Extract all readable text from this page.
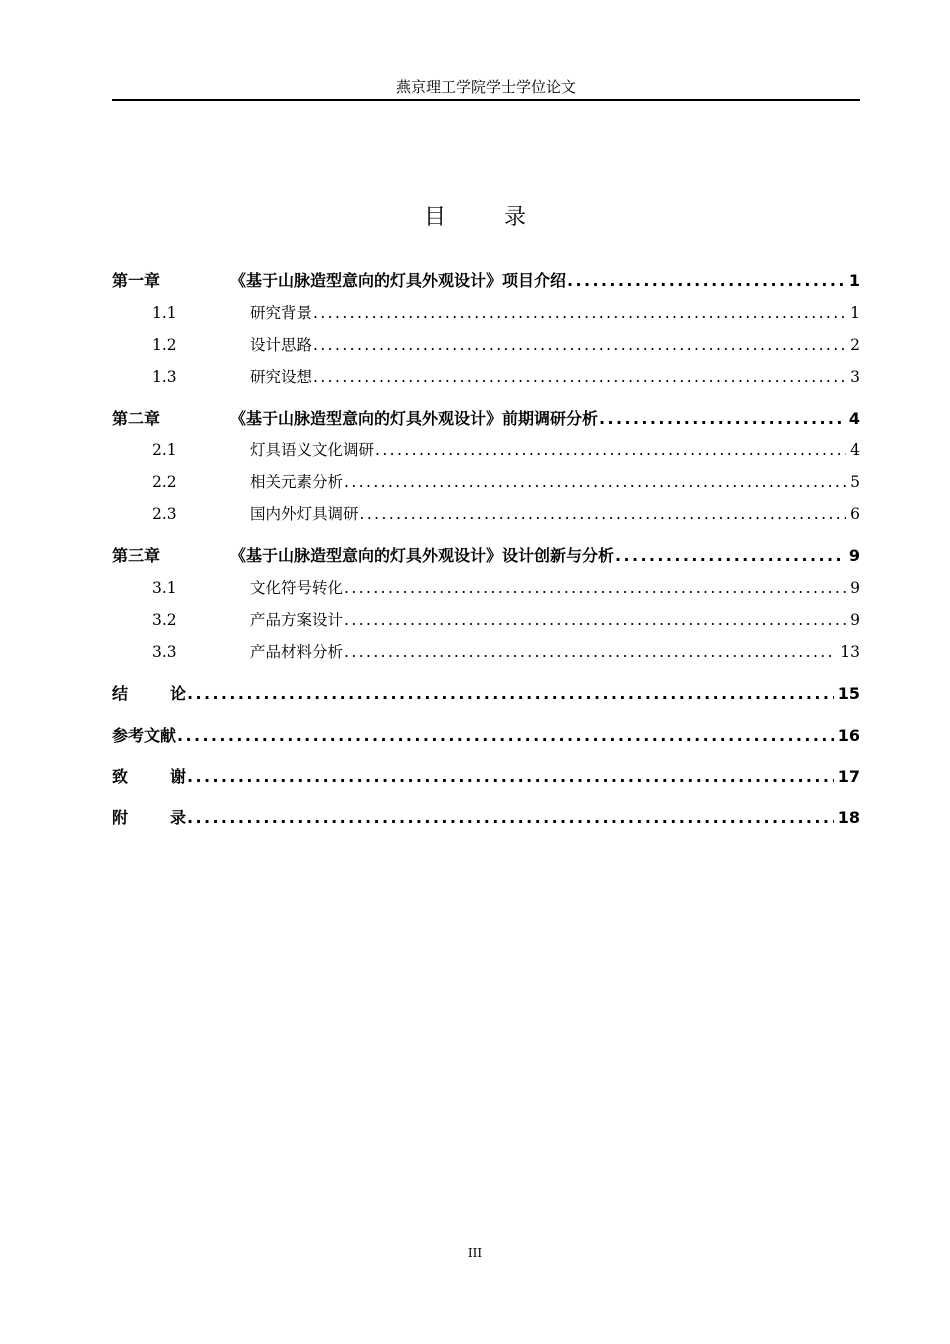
燕京理工学院学士学位论文
目	录
第一章	《基于山脉造型意向的灯具外观设计》项目介绍 .....	1
1.1	研究背景 .....	1
1.2	设计思路 .....	2
1.3	研究设想 .....	3
第二章	《基于山脉造型意向的灯具外观设计》前期调研分析 .....	4
2.1	灯具语义文化调研 .....	4
2.2	相关元素分析 .....	5
2.3	国内外灯具调研 .....	6
第三章	《基于山脉造型意向的灯具外观设计》设计创新与分析 .....	9
3.1	文化符号转化 .....	9
3.2	产品方案设计 .....	9
3.3	产品材料分析 .....	13
结	论 .....	15
参考文献 .....	16
致	谢 .....	17
附	录 .....	18
III
